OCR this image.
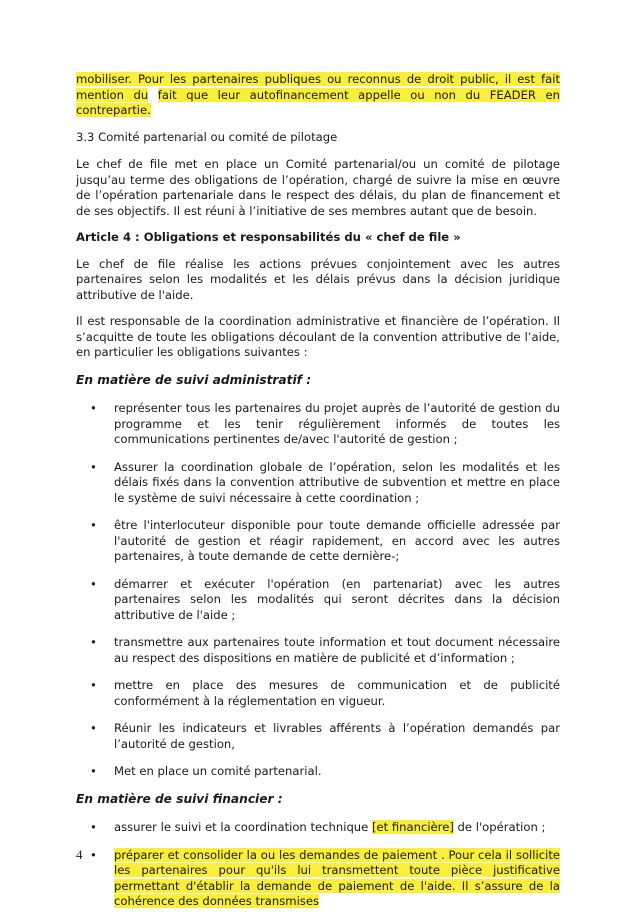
mobiliser. Pour les partenaires publiques ou reconnus de droit public, il est fait mention du fait que leur autofinancement appelle ou non du FEADER en contrepartie.

3.3 Comité partenarial ou comité de pilotage

Le chef de file met en place un Comité partenarial/ou un comité de pilotage jusqu’au terme des obligations de l’opération, chargé de suivre la mise en œuvre de l’opération partenariale dans le respect des délais, du plan de financement et de ses objectifs. Il est réuni à l’initiative de ses membres autant que de besoin.

Article 4 : Obligations et responsabilités du « chef de file »

Le chef de file réalise les actions prévues conjointement avec les autres partenaires selon les modalités et les délais prévus dans la décision juridique attributive de l'aide.

Il est responsable de la coordination administrative et financière de l’opération. Il s’acquitte de toute les obligations découlant de la convention attributive de l’aide, en particulier les obligations suivantes :

En matière de suivi administratif :
• représenter tous les partenaires du projet auprès de l’autorité de gestion du programme et les tenir régulièrement informés de toutes les communications pertinentes de/avec l'autorité de gestion ;
• Assurer la coordination globale de l’opération, selon les modalités et les délais fixés dans la convention attributive de subvention et mettre en place le système de suivi nécessaire à cette coordination ;
• être l'interlocuteur disponible pour toute demande officielle adressée par l'autorité de gestion et réagir rapidement, en accord avec les autres partenaires, à toute demande de cette dernière-;
• démarrer et exécuter l'opération (en partenariat) avec les autres partenaires selon les modalités qui seront décrites dans la décision attributive de l'aide ;
• transmettre aux partenaires toute information et tout document nécessaire au respect des dispositions en matière de publicité et d’information ;
• mettre en place des mesures de communication et de publicité conformément à la réglementation en vigueur.
• Réunir les indicateurs et livrables afférents à l’opération demandés par l’autorité de gestion,
• Met en place un comité partenarial.
En matière de suivi financier :
• assurer le suivi et la coordination technique [et financière] de l'opération ;
• préparer et consolider la ou les demandes de paiement . Pour cela il sollicite les partenaires pour qu'ils lui transmettent toute pièce justificative permettant d'établir la demande de paiement de l'aide. Il s’assure de la cohérence des données transmises
4
